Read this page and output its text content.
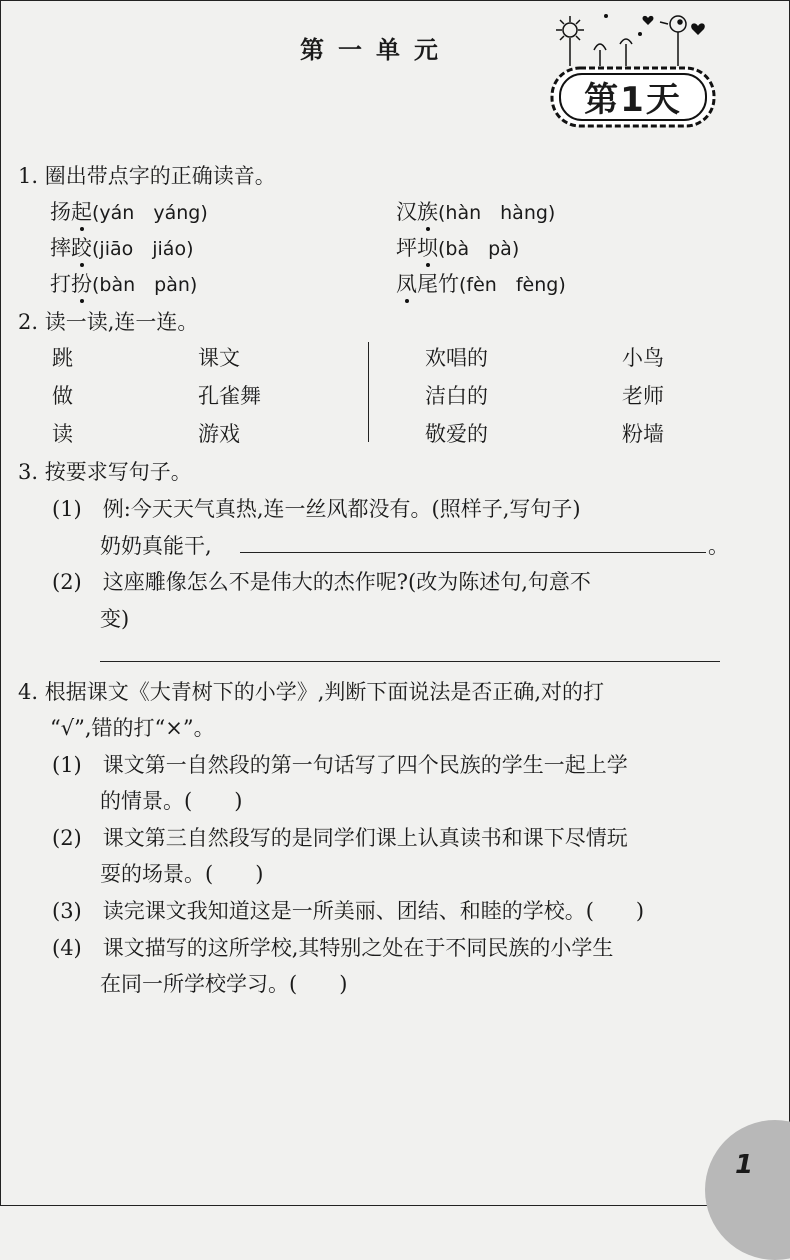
第一单元
第1天
1. 圈出带点字的正确读音。
扬起(yán　yáng)
摔跤(jiāo　jiáo)
打扮(bàn　pàn)
汉族(hàn　hàng)
坪坝(bà　pà)
凤尾竹(fèn　fèng)
2. 读一读,连一连。
跳
做
读
课文
孔雀舞
游戏
欢唱的
洁白的
敬爱的
小鸟
老师
粉墙
3. 按要求写句子。
(1)　例:今天天气真热,连一丝风都没有。(照样子,写句子)
奶奶真能干,	。
(2)　这座雕像怎么不是伟大的杰作呢?(改为陈述句,句意不
变)
4. 根据课文《大青树下的小学》,判断下面说法是否正确,对的打
“√”,错的打“×”。
(1)　课文第一自然段的第一句话写了四个民族的学生一起上学
的情景。(　　)
(2)　课文第三自然段写的是同学们课上认真读书和课下尽情玩
耍的场景。(　　)
(3)　读完课文我知道这是一所美丽、团结、和睦的学校。(　　)
(4)　课文描写的这所学校,其特别之处在于不同民族的小学生
在同一所学校学习。(　　)
1
